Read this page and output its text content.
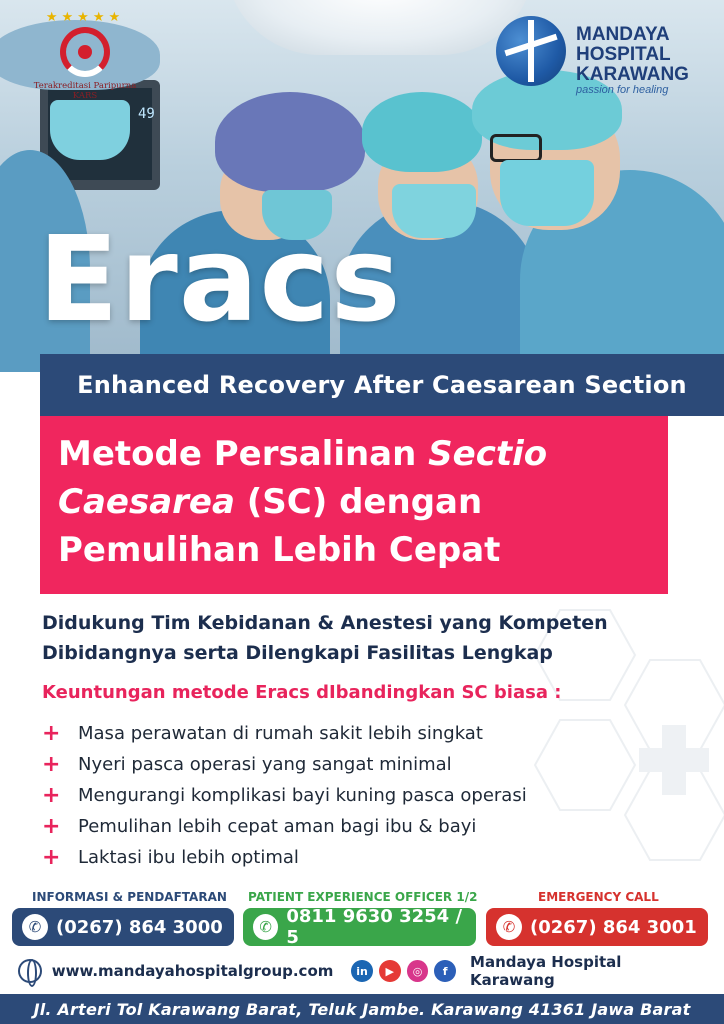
49
Eracs
★★★★★
Terakreditasi Paripurna
KARS
MANDAYA
HOSPITAL
KARAWANG
passion for healing
Enhanced Recovery After Caesarean Section
Metode Persalinan Sectio
Caesarea (SC) dengan
Pemulihan Lebih Cepat
Didukung Tim Kebidanan & Anestesi yang Kompeten
Dibidangnya serta Dilengkapi Fasilitas Lengkap
Keuntungan metode Eracs dIbandingkan SC biasa :
+ Masa perawatan di rumah sakit lebih singkat
+ Nyeri pasca operasi yang sangat minimal
+ Mengurangi komplikasi bayi kuning pasca operasi
+ Pemulihan lebih cepat aman bagi ibu & bayi
+ Laktasi ibu lebih optimal
INFORMASI & PENDAFTARAN
✆ (0267) 864 3000
PATIENT EXPERIENCE OFFICER 1/2
✆ 0811 9630 3254 / 5
EMERGENCY CALL
✆ (0267) 864 3001
www.mandayahospitalgroup.com	in	▶	◎	f	Mandaya Hospital Karawang
Jl. Arteri Tol Karawang Barat, Teluk Jambe. Karawang 41361 Jawa Barat
